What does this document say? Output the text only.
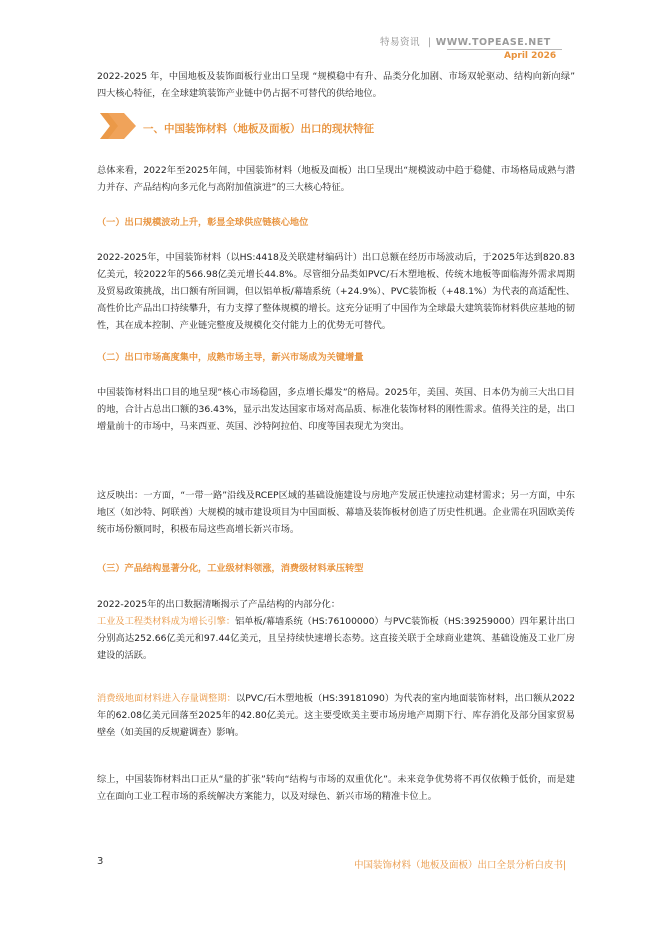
特易资讯 | WWW.TOPEASE.NET
April 2026
2022-2025 年，中国地板及装饰面板行业出口呈现 “规模稳中有升、品类分化加剧、市场双轮驱动、结构向新向绿” 四大核心特征，在全球建筑装饰产业链中仍占据不可替代的供给地位。
一、中国装饰材料（地板及面板）出口的现状特征
总体来看，2022年至2025年间，中国装饰材料（地板及面板）出口呈现出“规模波动中趋于稳健、市场格局成熟与潜力并存、产品结构向多元化与高附加值演进”的三大核心特征。
（一）出口规模波动上升，彰显全球供应链核心地位
2022-2025年，中国装饰材料（以HS:4418及关联建材编码计）出口总额在经历市场波动后，于2025年达到820.83亿美元，较2022年的566.98亿美元增长44.8%。尽管细分品类如PVC/石木塑地板、传统木地板等面临海外需求周期及贸易政策挑战，出口额有所回调，但以铝单板/幕墙系统（+24.9%）、PVC装饰板（+48.1%）为代表的高适配性、高性价比产品出口持续攀升，有力支撑了整体规模的增长。这充分证明了中国作为全球最大建筑装饰材料供应基地的韧性，其在成本控制、产业链完整度及规模化交付能力上的优势无可替代。
（二）出口市场高度集中，成熟市场主导，新兴市场成为关键增量
中国装饰材料出口目的地呈现“核心市场稳固，多点增长爆发”的格局。2025年，美国、英国、日本仍为前三大出口目的地，合计占总出口额的36.43%，显示出发达国家市场对高品质、标准化装饰材料的刚性需求。值得关注的是，出口增量前十的市场中，马来西亚、英国、沙特阿拉伯、印度等国表现尤为突出。
这反映出：一方面，“一带一路”沿线及RCEP区域的基础设施建设与房地产发展正快速拉动建材需求；另一方面，中东地区（如沙特、阿联酋）大规模的城市建设项目为中国面板、幕墙及装饰板材创造了历史性机遇。企业需在巩固欧美传统市场份额同时，积极布局这些高增长新兴市场。
（三）产品结构显著分化，工业级材料领涨，消费级材料承压转型
2022-2025年的出口数据清晰揭示了产品结构的内部分化：
工业及工程类材料成为增长引擎：铝单板/幕墙系统（HS:76100000）与PVC装饰板（HS:39259000）四年累计出口分别高达252.66亿美元和97.44亿美元，且呈持续快速增长态势。这直接关联于全球商业建筑、基础设施及工业厂房建设的活跃。
消费级地面材料进入存量调整期：以PVC/石木塑地板（HS:39181090）为代表的室内地面装饰材料，出口额从2022年的62.08亿美元回落至2025年的42.80亿美元。这主要受欧美主要市场房地产周期下行、库存消化及部分国家贸易壁垒（如美国的反规避调查）影响。
综上，中国装饰材料出口正从“量的扩张”转向“结构与市场的双重优化”。未来竞争优势将不再仅依赖于低价，而是建立在面向工业工程市场的系统解决方案能力，以及对绿色、新兴市场的精准卡位上。
3	中国装饰材料（地板及面板）出口全景分析白皮书|
